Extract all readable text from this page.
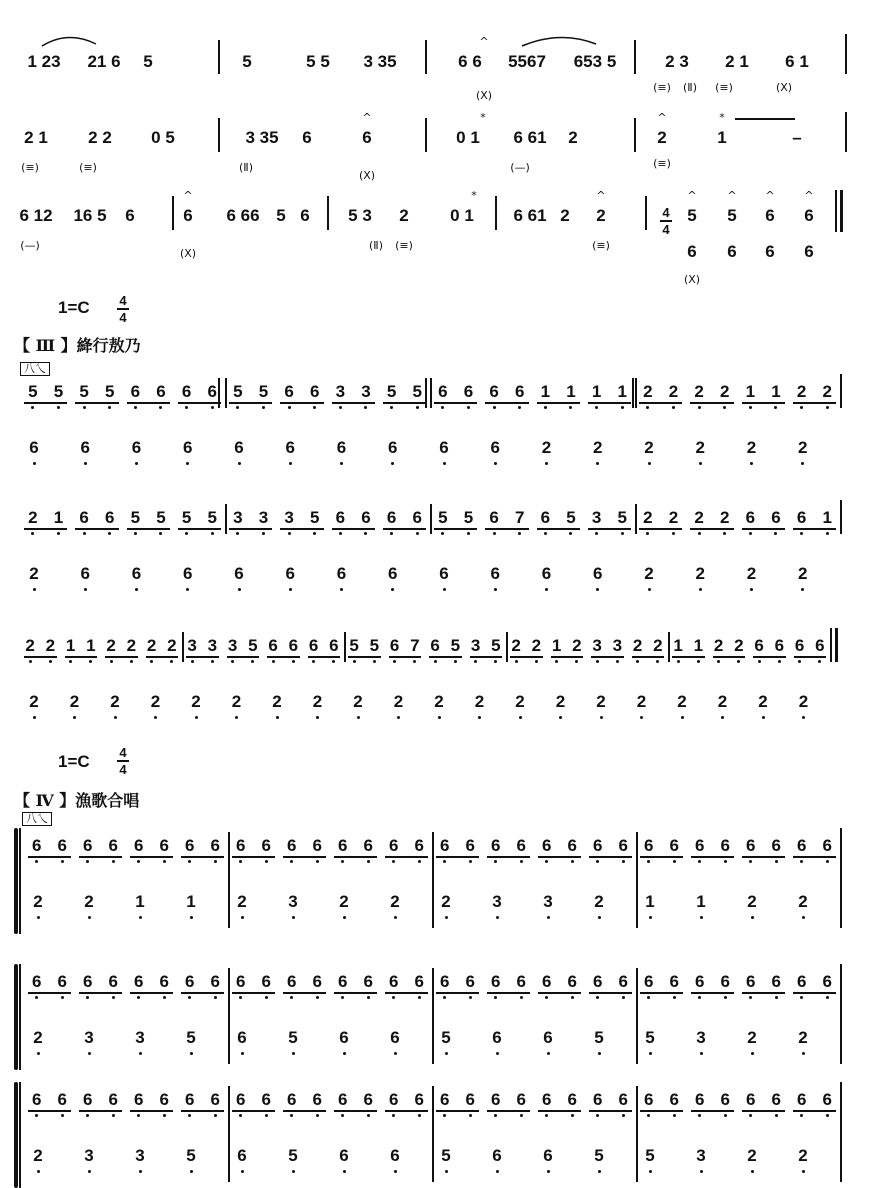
1 23 21 6 5	5	5 5 3 35	6 6 5567 653 5	2 3 2 1 6 1
^
(X)
(≡) (Ⅱ) (≡)	(X)
2 1 2 2 0 5	3 35 6	6	0 1 6 61 2	2	1	–
^	*	^	*
(≡)	(≡)	(Ⅱ)
(X)
(—)	(≡)
6 12 16 5 6	6 6 66 5 6 5 3 2 0 1 6 61 2 2	4
4
5 5 6 6
6 6 6 6
^	*	^	^	^	^	^
(—)
(X)
(Ⅱ) (≡)	(≡)
(X)
1=C 4
4
【 Ⅲ 】絳行敖乃
八乀
1=C 4
4
【 Ⅳ 】漁歌合唱
八乀
5 5 5 5 6 6 6 6
6 6 6 6
5 5 6 6 3 3 5 5
6 6 6 6
6 6 6 6 1 1 1 1
6 6 2 2
2 2 2 2 1 1 2 2
2 2 2 2
2 1 6 6 5 5 5 5
2 6 6 6
3 3 3 5 6 6 6 6
6 6 6 6
5 5 6 7 6 5 3 5
6 6 6 6
2 2 2 2 6 6 6 1
2 2 2 2
2 2 1 1 2 2 2 2
2 2 2 2
3 3 3 5 6 6 6 6
2 2 2 2
5 5 6 7 6 5 3 5
2 2 2 2
2 2 1 2 3 3 2 2
2 2 2 2
1 1 2 2 6 6 6 6
2 2 2 2
6 6 6 6 6 6 6 6
2 2 1 1
6 6 6 6 6 6 6 6
2 3 2 2
6 6 6 6 6 6 6 6
2 3 3 2
6 6 6 6 6 6 6 6
1 1 2 2
6 6 6 6 6 6 6 6
2 3 3 5
6 6 6 6 6 6 6 6
6 5 6 6
6 6 6 6 6 6 6 6
5 6 6 5
6 6 6 6 6 6 6 6
5 3 2 2
6 6 6 6 6 6 6 6
2 3 3 5
6 6 6 6 6 6 6 6
6 5 6 6
6 6 6 6 6 6 6 6
5 6 6 5
6 6 6 6 6 6 6 6
5 3 2 2
